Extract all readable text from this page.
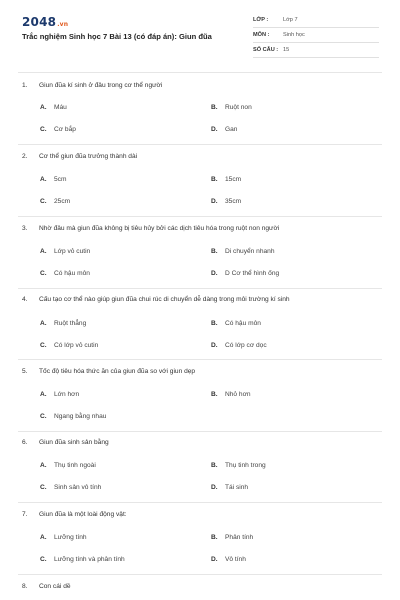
2048.vn
Trắc nghiệm Sinh học 7 Bài 13 (có đáp án): Giun đũa
LỚP :	Lớp 7
MÔN : Sinh học
SỐ CÂU : 15
1. Giun đũa kí sinh ở đâu trong cơ thể người
A. Máu	B. Ruột non
C. Cơ bắp	D. Gan
2. Cơ thể giun đũa trưởng thành dài
A. 5cm	B. 15cm
C. 25cm	D. 35cm
3. Nhờ đâu mà giun đũa không bị tiêu hủy bởi các dịch tiêu hóa trong ruột non người
A. Lớp vỏ cutin	B. Di chuyển nhanh
C. Có hậu môn	D. D Cơ thể hình ống
4. Cấu tạo cơ thể nào giúp giun đũa chui rúc di chuyển dễ dàng trong môi trường kí sinh
A. Ruột thẳng	B. Có hậu môn
C. Có lớp vỏ cutin	D. Có lớp cơ dọc
5. Tốc độ tiêu hóa thức ăn của giun đũa so với giun dẹp
A. Lớn hơn	B. Nhỏ hơn
C. Ngang bằng nhau
6. Giun đũa sinh sản bằng
A. Thụ tinh ngoài	B. Thụ tinh trong
C. Sinh sản vô tính	D. Tái sinh
7. Giun đũa là một loài động vật:
A. Lưỡng tính	B. Phân tính
C. Lưỡng tính và phân tính	D. Vô tính
8. Con cái dề
